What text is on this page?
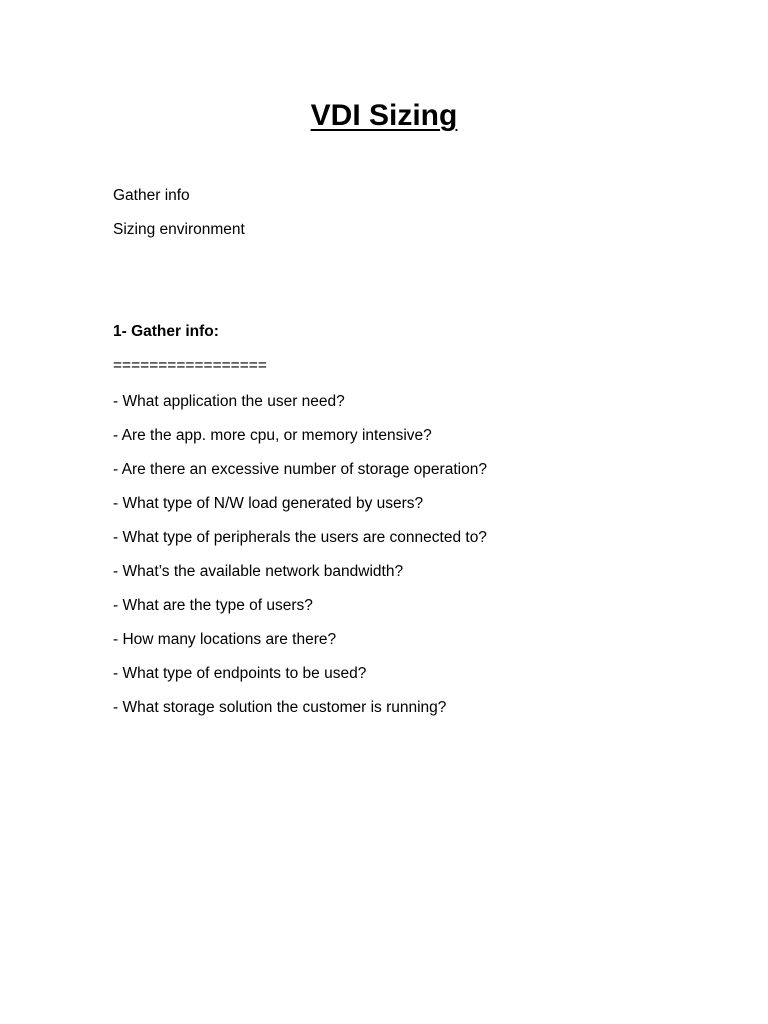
VDI Sizing
Gather info
Sizing environment
1- Gather info:
=================
- What application the user need?
- Are the app. more cpu, or memory intensive?
- Are there an excessive number of storage operation?
- What type of N/W load generated by users?
- What type of peripherals the users are connected to?
- What’s the available network bandwidth?
- What are the type of users?
- How many locations are there?
- What type of endpoints to be used?
- What storage solution the customer is running?
